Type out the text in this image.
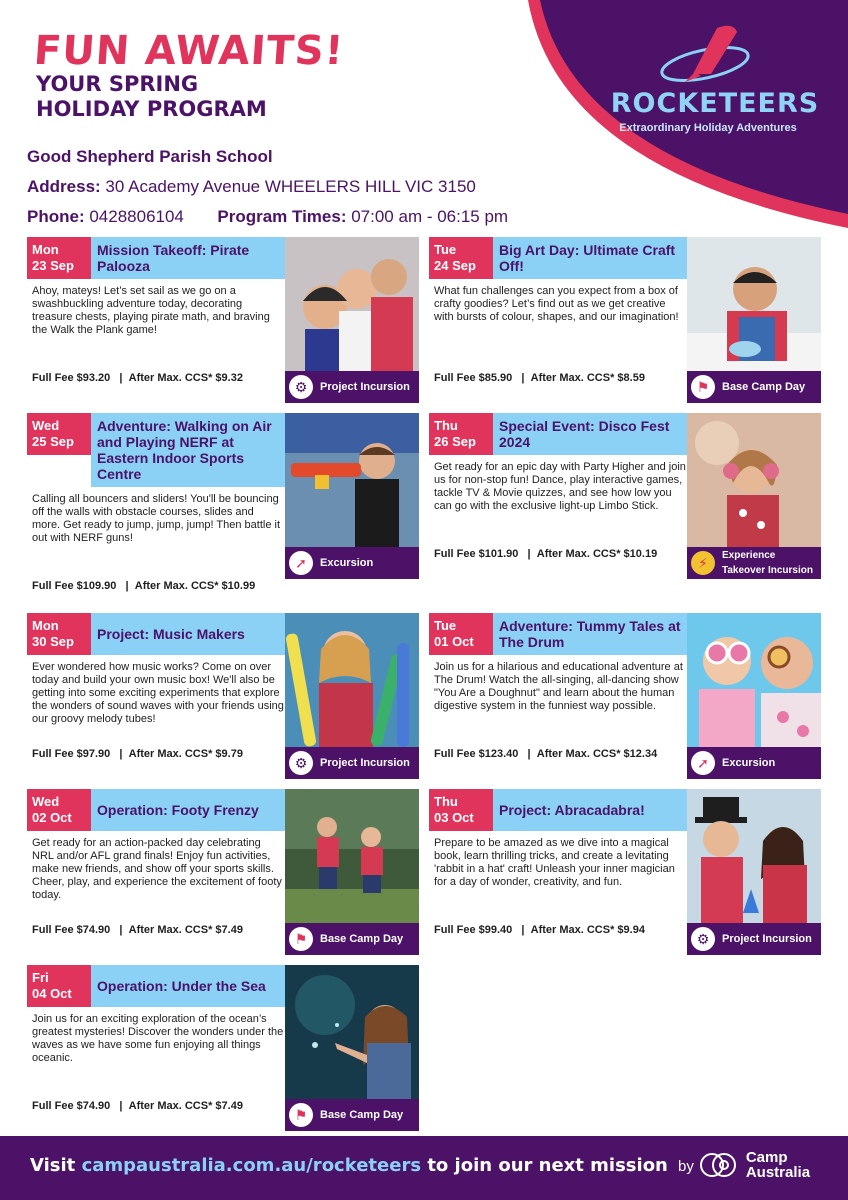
ROCKETEERS
Extraordinary Holiday Adventures
FUN AWAITS!
YOUR SPRING
HOLIDAY PROGRAM
Good Shepherd Parish School
Address: 30 Academy Avenue WHEELERS HILL VIC 3150
Phone: 0428806104 Program Times: 07:00 am - 06:15 pm
Mon
23 Sep
Mission Takeoff: Pirate Palooza
Ahoy, mateys! Let’s set sail as we go on a swashbuckling adventure today, decorating treasure chests, playing pirate math, and braving the Walk the Plank game!
Full Fee $93.20   |  After Max. CCS* $9.32
⚙ Project Incursion
Tue
24 Sep
Big Art Day: Ultimate Craft Off!
What fun challenges can you expect from a box of crafty goodies? Let’s find out as we get creative with bursts of colour, shapes, and our imagination!
Full Fee $85.90   |  After Max. CCS* $8.59
⚑ Base Camp Day
Wed
25 Sep
Adventure: Walking on Air and Playing NERF at Eastern Indoor Sports Centre
Calling all bouncers and sliders! You'll be bouncing off the walls with obstacle courses, slides and more. Get ready to jump, jump, jump! Then battle it out with NERF guns!
Full Fee $109.90   |  After Max. CCS* $10.99
➚ Excursion
Thu
26 Sep
Special Event: Disco Fest 2024
Get ready for an epic day with Party Higher and join us for non-stop fun! Dance, play interactive games, tackle TV & Movie quizzes, and see how low you can go with the exclusive light-up Limbo Stick.
Full Fee $101.90   |  After Max. CCS* $10.19
⚡ Experience
Takeover Incursion
Mon
30 Sep	Project: Music Makers
Ever wondered how music works? Come on over today and build your own music box! We'll also be getting into some exciting experiments that explore the wonders of sound waves with your friends using our groovy melody tubes!
Full Fee $97.90   |  After Max. CCS* $9.79
⚙ Project Incursion
Tue
01 Oct
Adventure: Tummy Tales at The Drum
Join us for a hilarious and educational adventure at The Drum! Watch the all-singing, all-dancing show "You Are a Doughnut" and learn about the human digestive system in the funniest way possible.
Full Fee $123.40   |  After Max. CCS* $12.34
➚ Excursion
Wed
02 Oct	Operation: Footy Frenzy
Get ready for an action-packed day celebrating NRL and/or AFL grand finals! Enjoy fun activities, make new friends, and show off your sports skills. Cheer, play, and experience the excitement of footy today.
Full Fee $74.90   |  After Max. CCS* $7.49
⚑ Base Camp Day
Thu
03 Oct	Project: Abracadabra!
Prepare to be amazed as we dive into a magical book, learn thrilling tricks, and create a levitating 'rabbit in a hat' craft! Unleash your inner magician for a day of wonder, creativity, and fun.
Full Fee $99.40   |  After Max. CCS* $9.94
⚙ Project Incursion
Fri
04 Oct	Operation: Under the Sea
Join us for an exciting exploration of the ocean’s greatest mysteries! Discover the wonders under the waves as we have some fun enjoying all things oceanic.
Full Fee $74.90   |  After Max. CCS* $7.49
⚑ Base Camp Day
Visit campaustralia.com.au/rocketeers to join our next mission by	Camp
Australia
